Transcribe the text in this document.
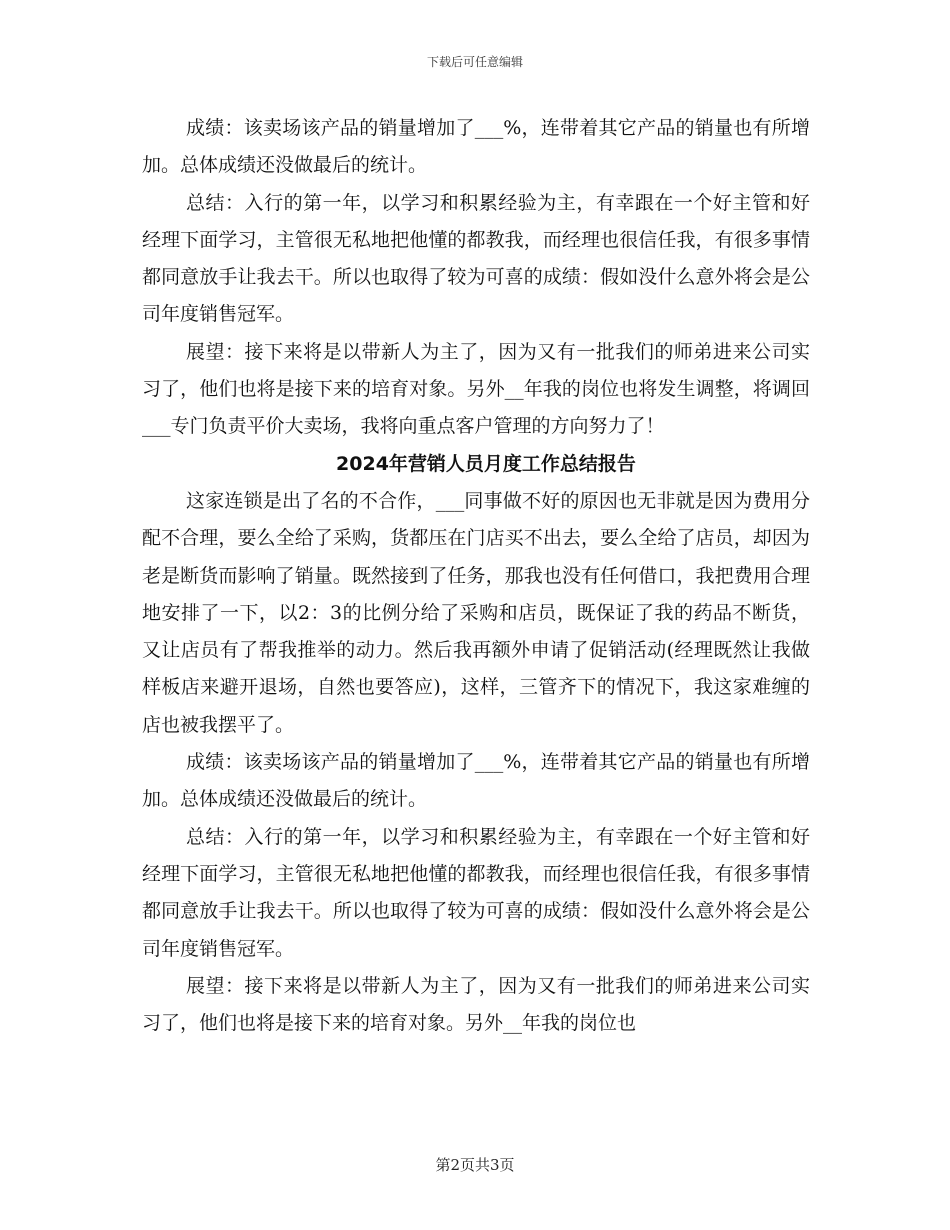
下载后可任意编辑

成绩：该卖场该产品的销量增加了___%，连带着其它产品的销量也有所增加。总体成绩还没做最后的统计。

总结：入行的第一年，以学习和积累经验为主，有幸跟在一个好主管和好经理下面学习，主管很无私地把他懂的都教我，而经理也很信任我，有很多事情都同意放手让我去干。所以也取得了较为可喜的成绩：假如没什么意外将会是公司年度销售冠军。

展望：接下来将是以带新人为主了，因为又有一批我们的师弟进来公司实习了，他们也将是接下来的培育对象。另外__年我的岗位也将发生调整，将调回___专门负责平价大卖场，我将向重点客户管理的方向努力了！

2024年营销人员月度工作总结报告

这家连锁是出了名的不合作，___同事做不好的原因也无非就是因为费用分配不合理，要么全给了采购，货都压在门店买不出去，要么全给了店员，却因为老是断货而影响了销量。既然接到了任务，那我也没有任何借口，我把费用合理地安排了一下，以2：3的比例分给了采购和店员，既保证了我的药品不断货，又让店员有了帮我推举的动力。然后我再额外申请了促销活动(经理既然让我做样板店来避开退场，自然也要答应)，这样，三管齐下的情况下，我这家难缠的店也被我摆平了。

成绩：该卖场该产品的销量增加了___%，连带着其它产品的销量也有所增加。总体成绩还没做最后的统计。

总结：入行的第一年，以学习和积累经验为主，有幸跟在一个好主管和好经理下面学习，主管很无私地把他懂的都教我，而经理也很信任我，有很多事情都同意放手让我去干。所以也取得了较为可喜的成绩：假如没什么意外将会是公司年度销售冠军。

展望：接下来将是以带新人为主了，因为又有一批我们的师弟进来公司实习了，他们也将是接下来的培育对象。另外__年我的岗位也

第2页共3页
